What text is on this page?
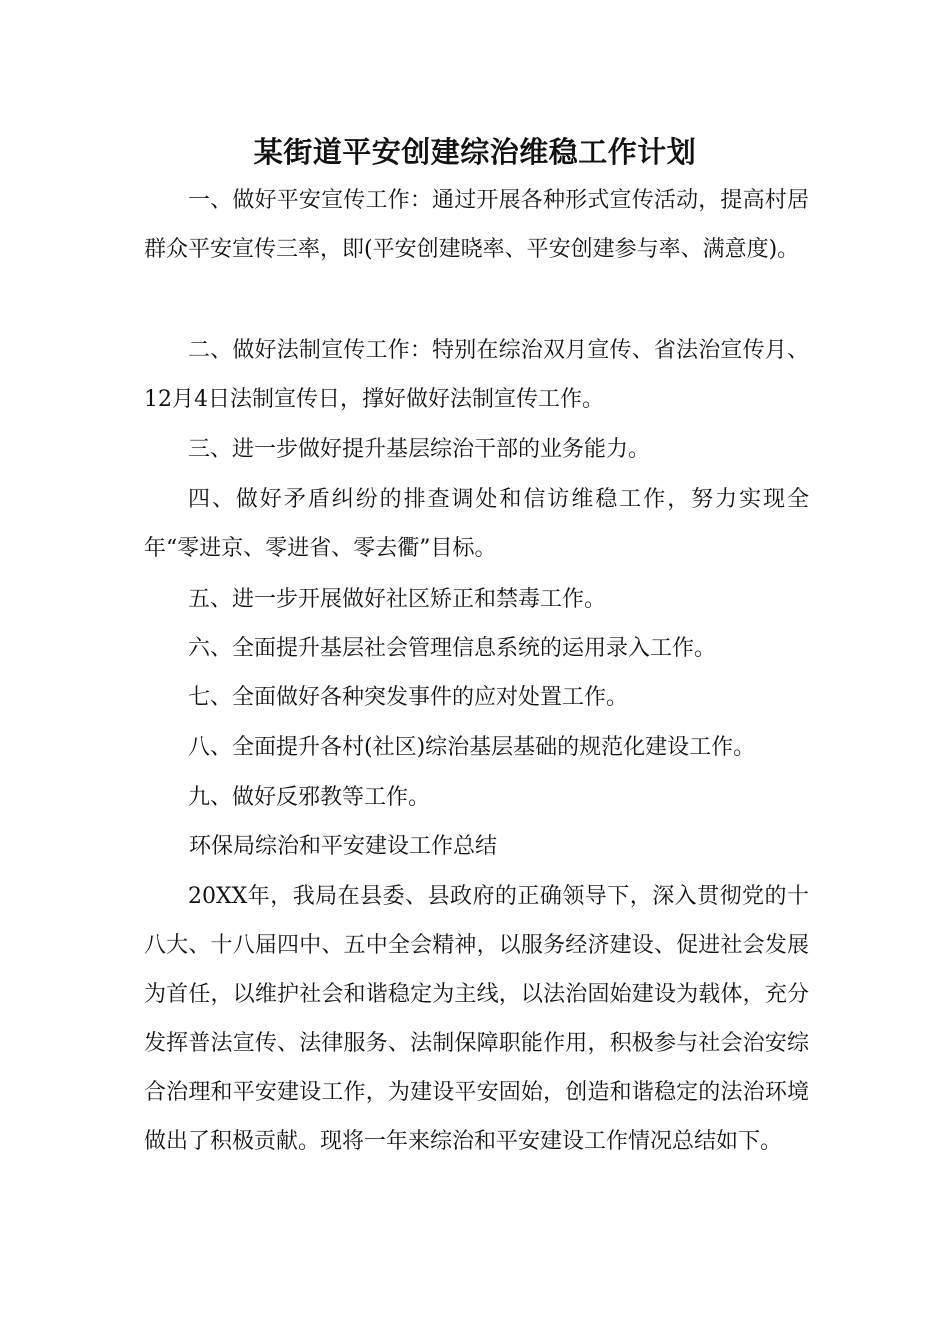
某街道平安创建综治维稳工作计划

一、做好平安宣传工作：通过开展各种形式宣传活动，提高村居群众平安宣传三率，即(平安创建晓率、平安创建参与率、满意度)。

二、做好法制宣传工作：特别在综治双月宣传、省法治宣传月、12月4日法制宣传日，撑好做好法制宣传工作。

三、进一步做好提升基层综治干部的业务能力。

四、做好矛盾纠纷的排查调处和信访维稳工作，努力实现全年“零进京、零进省、零去衢”目标。

五、进一步开展做好社区矫正和禁毒工作。

六、全面提升基层社会管理信息系统的运用录入工作。

七、全面做好各种突发事件的应对处置工作。

八、全面提升各村(社区)综治基层基础的规范化建设工作。

九、做好反邪教等工作。

环保局综治和平安建设工作总结

20XX年，我局在县委、县政府的正确领导下，深入贯彻党的十八大、十八届四中、五中全会精神，以服务经济建设、促进社会发展为首任，以维护社会和谐稳定为主线，以法治固始建设为载体，充分发挥普法宣传、法律服务、法制保障职能作用，积极参与社会治安综合治理和平安建设工作，为建设平安固始，创造和谐稳定的法治环境做出了积极贡献。现将一年来综治和平安建设工作情况总结如下。
